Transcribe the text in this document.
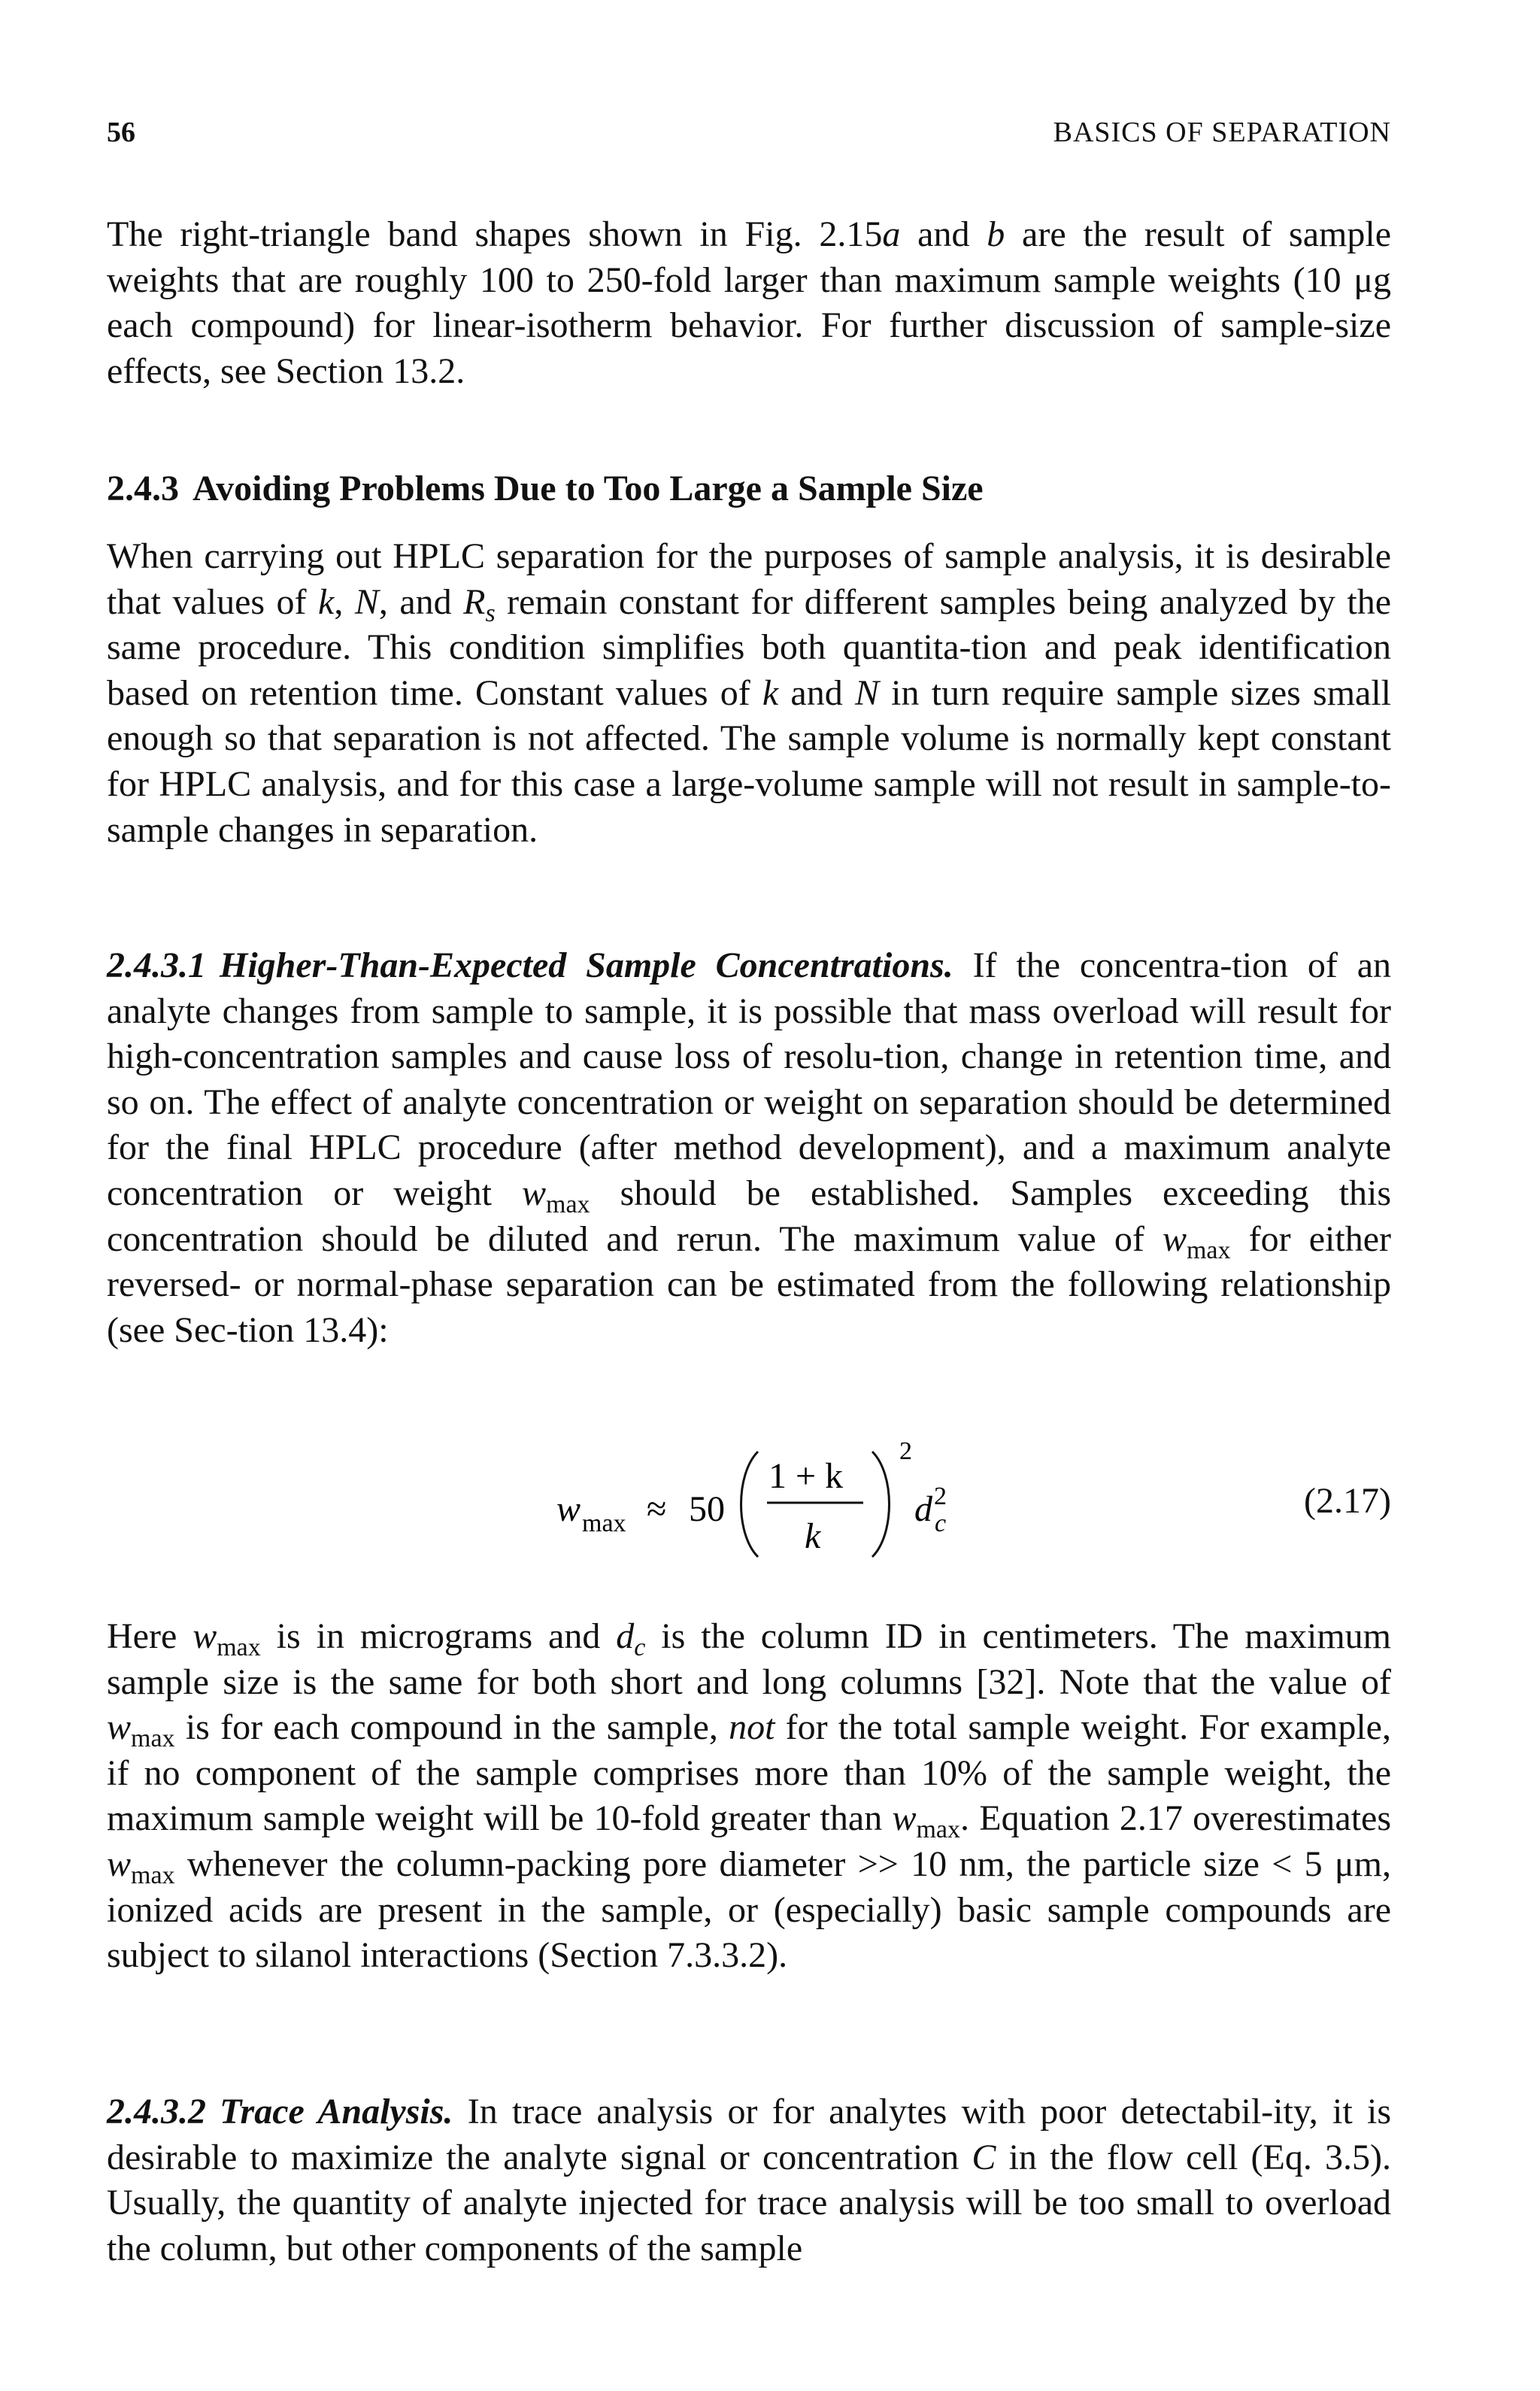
56	BASICS OF SEPARATION

The right-triangle band shapes shown in Fig. 2.15a and b are the result of sample weights that are roughly 100 to 250-fold larger than maximum sample weights (10 μg each compound) for linear-isotherm behavior. For further discussion of sample-size effects, see Section 13.2.

2.4.3 Avoiding Problems Due to Too Large a Sample Size

When carrying out HPLC separation for the purposes of sample analysis, it is desirable that values of k, N, and $R_s$ remain constant for different samples being analyzed by the same procedure. This condition simplifies both quantita-tion and peak identification based on retention time. Constant values of k and N in turn require sample sizes small enough so that separation is not affected. The sample volume is normally kept constant for HPLC analysis, and for this case a large-volume sample will not result in sample-to-sample changes in separation.

2.4.3.1 Higher-Than-Expected Sample Concentrations. If the concentra-tion of an analyte changes from sample to sample, it is possible that mass overload will result for high-concentration samples and cause loss of resolu-tion, change in retention time, and so on. The effect of analyte concentration or weight on separation should be determined for the final HPLC procedure (after method development), and a maximum analyte concentration or weight $w_{max}$ should be established. Samples exceeding this concentration should be diluted and rerun. The maximum value of $w_{max}$ for either reversed- or normal-phase separation can be estimated from the following relationship (see Sec-tion 13.4):

w max ≈ 50
1 + k
k
2
d 2
c
(2.17)

Here $w_{max}$ is in micrograms and $d_c$ is the column ID in centimeters. The maximum sample size is the same for both short and long columns [32]. Note that the value of $w_{max}$ is for each compound in the sample, not for the total sample weight. For example, if no component of the sample comprises more than 10% of the sample weight, the maximum sample weight will be 10-fold greater than $w_{max}$. Equation 2.17 overestimates $w_{max}$ whenever the column-packing pore diameter >> 10 nm, the particle size < 5 μm, ionized acids are present in the sample, or (especially) basic sample compounds are subject to silanol interactions (Section 7.3.3.2).

2.4.3.2 Trace Analysis. In trace analysis or for analytes with poor detectabil-ity, it is desirable to maximize the analyte signal or concentration C in the flow cell (Eq. 3.5). Usually, the quantity of analyte injected for trace analysis will be too small to overload the column, but other components of the sample
